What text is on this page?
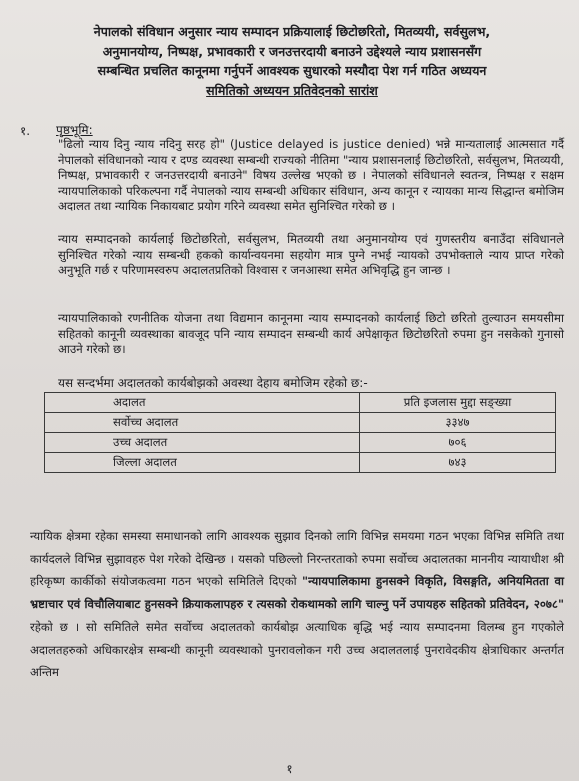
नेपालको संविधान अनुसार न्याय सम्पादन प्रक्रियालाई छिटोछरितो, मितव्ययी, सर्वसुलभ,
अनुमानयोग्य, निष्पक्ष, प्रभावकारी र जनउत्तरदायी बनाउने उद्देश्यले न्याय प्रशासनसँग
सम्बन्धित प्रचलित कानूनमा गर्नुपर्ने आवश्यक सुधारको मस्यौदा पेश गर्न गठित अध्ययन
समितिको अध्ययन प्रतिवेदनको सारांश
१. पृष्ठभूमि:
"ढिलो न्याय दिनु न्याय नदिनु सरह हो" (Justice delayed is justice denied) भन्ने मान्यतालाई आत्मसात गर्दै नेपालको संविधानको न्याय र दण्ड व्यवस्था सम्बन्धी राज्यको नीतिमा "न्याय प्रशासनलाई छिटोछरितो, सर्वसुलभ, मितव्ययी, निष्पक्ष, प्रभावकारी र जनउत्तरदायी बनाउने" विषय उल्लेख भएको छ । नेपालको संविधानले स्वतन्त्र, निष्पक्ष र सक्षम न्यायपालिकाको परिकल्पना गर्दै नेपालको न्याय सम्बन्धी अधिकार संविधान, अन्य कानून र न्यायका मान्य सिद्धान्त बमोजिम अदालत तथा न्यायिक निकायबाट प्रयोग गरिने व्यवस्था समेत सुनिश्चित गरेको छ ।
न्याय सम्पादनको कार्यलाई छिटोछरितो, सर्वसुलभ, मितव्ययी तथा अनुमानयोग्य एवं गुणस्तरीय बनाउँदा संविधानले सुनिश्चित गरेको न्याय सम्बन्धी हकको कार्यान्वयनमा सहयोग मात्र पुग्ने नभई न्यायको उपभोक्ताले न्याय प्राप्त गरेको अनुभूति गर्छ र परिणामस्वरुप अदालतप्रतिको विश्वास र जनआस्था समेत अभिवृद्धि हुन जान्छ ।
न्यायपालिकाको रणनीतिक योजना तथा विद्यमान कानूनमा न्याय सम्पादनको कार्यलाई छिटो छरितो तुल्याउन समयसीमा सहितको कानूनी व्यवस्थाका बावजूद पनि न्याय सम्पादन सम्बन्धी कार्य अपेक्षाकृत छिटोछरितो रुपमा हुन नसकेको गुनासो आउने गरेको छ।
यस सन्दर्भमा अदालतको कार्यबोझको अवस्था देहाय बमोजिम रहेको छ:-
अदालत	प्रति इजलास मुद्दा सङ्ख्या
सर्वोच्च अदालत	३३४७
उच्च अदालत	७०६
जिल्ला अदालत	७४३
न्यायिक क्षेत्रमा रहेका समस्या समाधानको लागि आवश्यक सुझाव दिनको लागि विभिन्न समयमा गठन भएका विभिन्न समिति तथा कार्यदलले विभिन्न सुझावहरु पेश गरेको देखिन्छ । यसको पछिल्लो निरन्तरताको रुपमा सर्वोच्च अदालतका माननीय न्यायाधीश श्री हरिकृष्ण कार्कीको संयोजकत्वमा गठन भएको समितिले दिएको "न्यायपालिकामा हुनसक्ने विकृति, विसङ्गति, अनियमितता वा भ्रष्टाचार एवं विचौलियाबाट हुनसक्ने क्रियाकलापहरु र त्यसको रोकथामको लागि चाल्नु पर्ने उपायहरु सहितको प्रतिवेदन, २०७८" रहेको छ । सो समितिले समेत सर्वोच्च अदालतको कार्यबोझ अत्याधिक बृद्धि भई न्याय सम्पादनमा विलम्ब हुन गएकोले अदालतहरुको अधिकारक्षेत्र सम्बन्धी कानूनी व्यवस्थाको पुनरावलोकन गरी उच्च अदालतलाई पुनरावेदकीय क्षेत्राधिकार अन्तर्गत अन्तिम
१
